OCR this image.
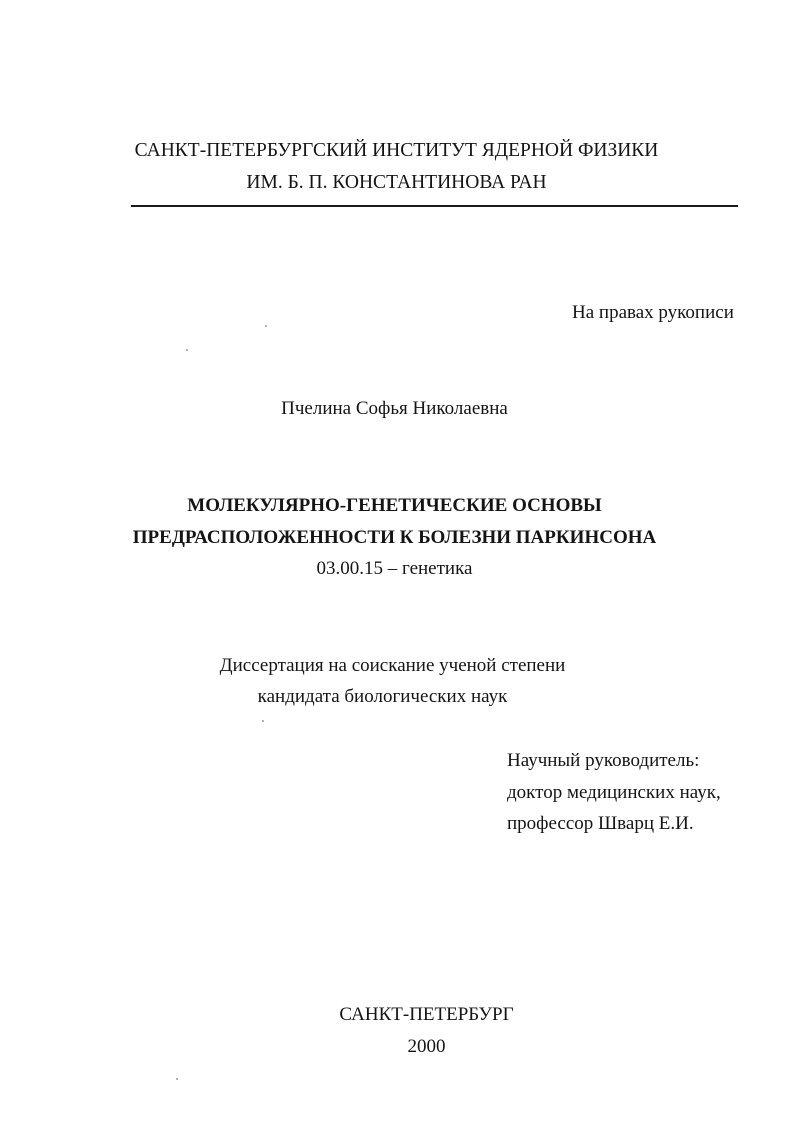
САНКТ-ПЕТЕРБУРГСКИЙ ИНСТИТУТ ЯДЕРНОЙ ФИЗИКИ
ИМ. Б. П. КОНСТАНТИНОВА РАН
На правах рукописи
Пчелина Софья Николаевна
МОЛЕКУЛЯРНО-ГЕНЕТИЧЕСКИЕ ОСНОВЫ
ПРЕДРАСПОЛОЖЕННОСТИ К БОЛЕЗНИ ПАРКИНСОНА
03.00.15 – генетика
Диссертация на соискание ученой степени
кандидата биологических наук
Научный руководитель:
доктор медицинских наук,
профессор Шварц Е.И.
САНКТ-ПЕТЕРБУРГ
2000
